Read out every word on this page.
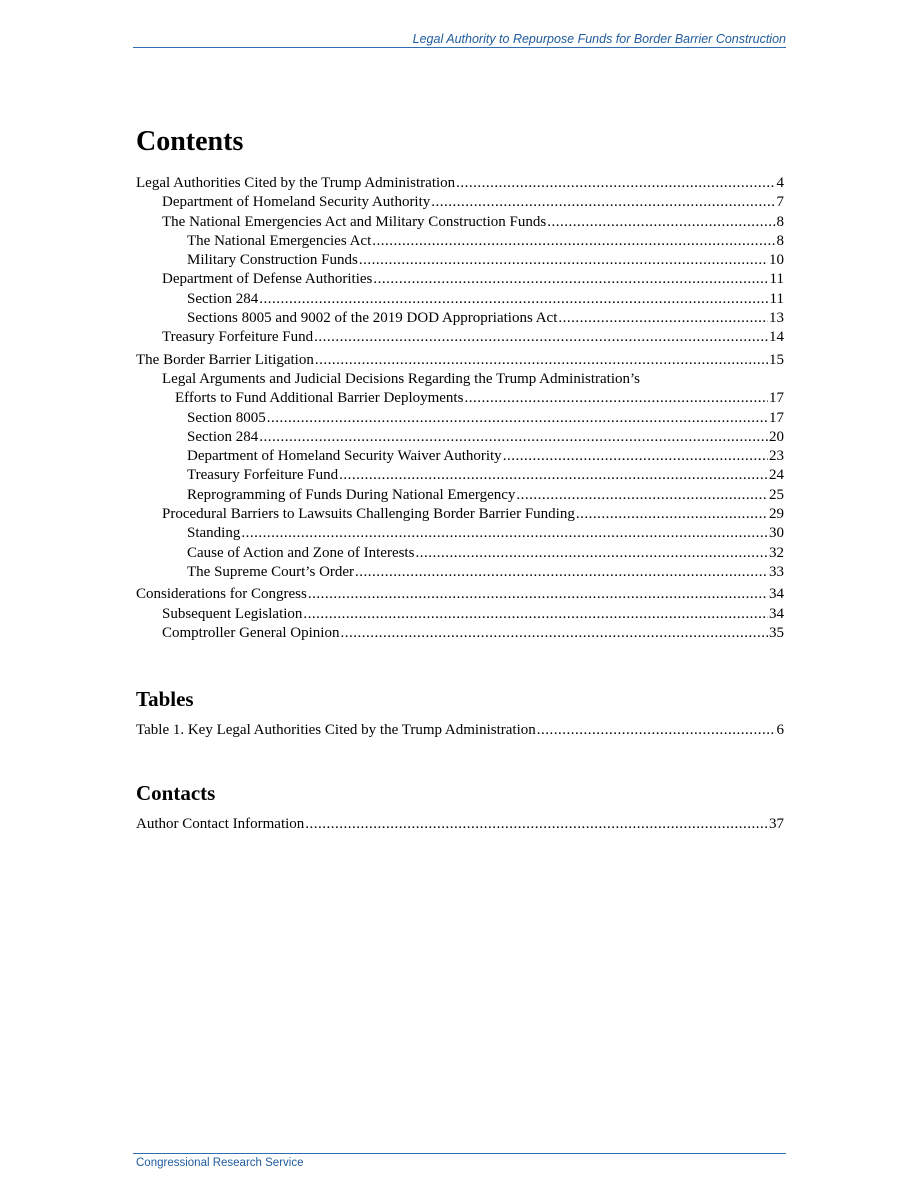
Legal Authority to Repurpose Funds for Border Barrier Construction
Contents
Legal Authorities Cited by the Trump Administration .....	4
Department of Homeland Security Authority .....	7
The National Emergencies Act and Military Construction Funds .....	8
The National Emergencies Act .....	8
Military Construction Funds .....	10
Department of Defense Authorities .....	11
Section 284 .....	11
Sections 8005 and 9002 of the 2019 DOD Appropriations Act .....	13
Treasury Forfeiture Fund .....	14
The Border Barrier Litigation .....	15
Legal Arguments and Judicial Decisions Regarding the Trump Administration’s
Efforts to Fund Additional Barrier Deployments .....	17
Section 8005 .....	17
Section 284 .....	20
Department of Homeland Security Waiver Authority .....	23
Treasury Forfeiture Fund .....	24
Reprogramming of Funds During National Emergency .....	25
Procedural Barriers to Lawsuits Challenging Border Barrier Funding .....	29
Standing .....	30
Cause of Action and Zone of Interests .....	32
The Supreme Court’s Order .....	33
Considerations for Congress .....	34
Subsequent Legislation .....	34
Comptroller General Opinion .....	35
Tables
Table 1. Key Legal Authorities Cited by the Trump Administration .....	6
Contacts
Author Contact Information .....	37
Congressional Research Service
